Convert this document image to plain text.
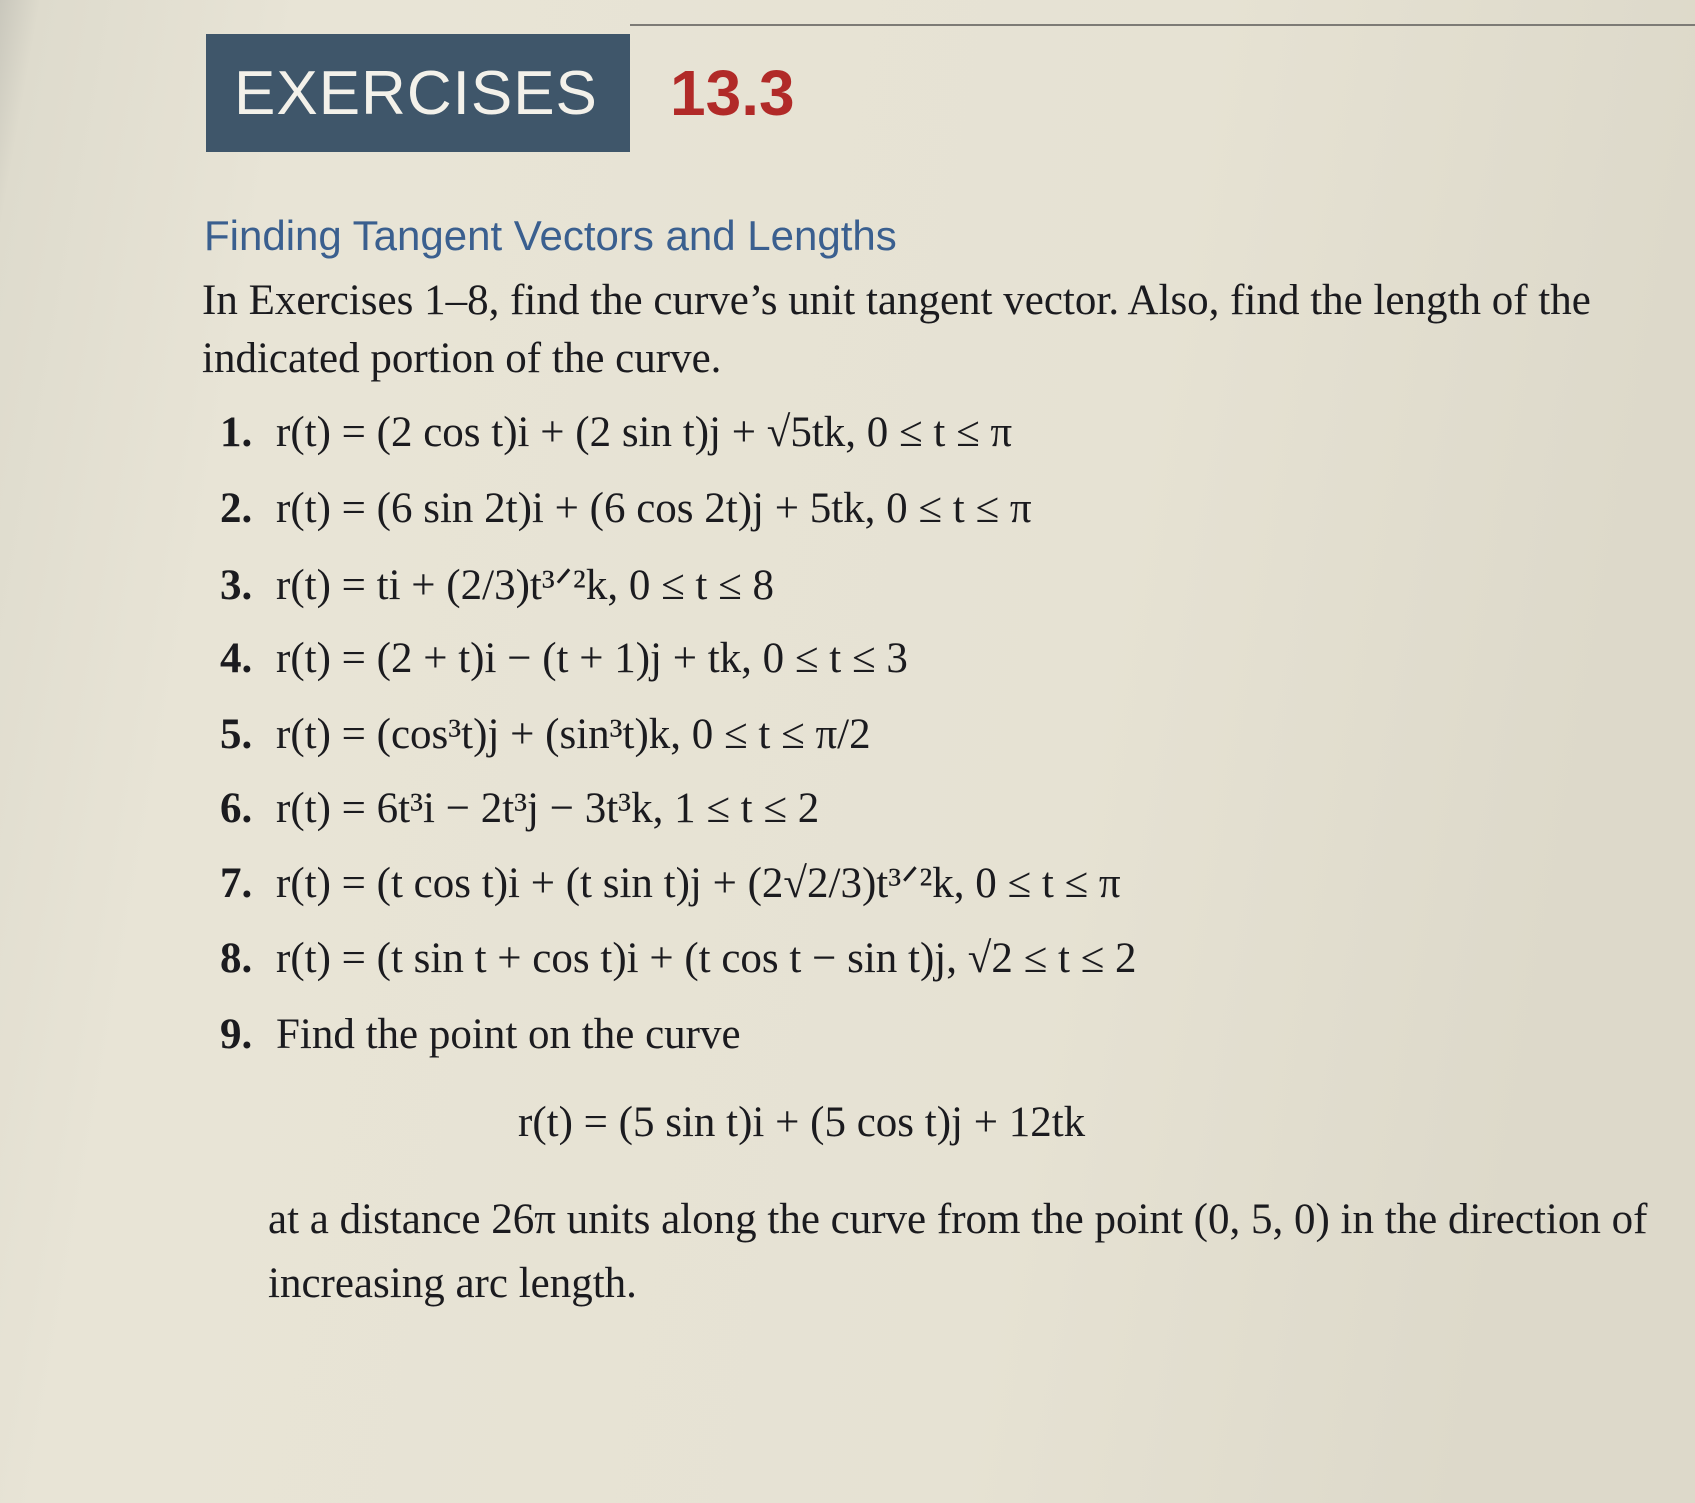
EXERCISES 13.3
Finding Tangent Vectors and Lengths
In Exercises 1–8, find the curve’s unit tangent vector. Also, find the length of the indicated portion of the curve.
1. r(t) = (2 cos t)i + (2 sin t)j + √5tk, 0 ≤ t ≤ π
2. r(t) = (6 sin 2t)i + (6 cos 2t)j + 5tk, 0 ≤ t ≤ π
3. r(t) = ti + (2/3)t³ᐟ²k, 0 ≤ t ≤ 8
4. r(t) = (2 + t)i − (t + 1)j + tk, 0 ≤ t ≤ 3
5. r(t) = (cos³t)j + (sin³t)k, 0 ≤ t ≤ π/2
6. r(t) = 6t³i − 2t³j − 3t³k, 1 ≤ t ≤ 2
7. r(t) = (t cos t)i + (t sin t)j + (2√2/3)t³ᐟ²k, 0 ≤ t ≤ π
8. r(t) = (t sin t + cos t)i + (t cos t − sin t)j, √2 ≤ t ≤ 2
9. Find the point on the curve
r(t) = (5 sin t)i + (5 cos t)j + 12tk
at a distance 26π units along the curve from the point (0, 5, 0) in the direction of increasing arc length.
